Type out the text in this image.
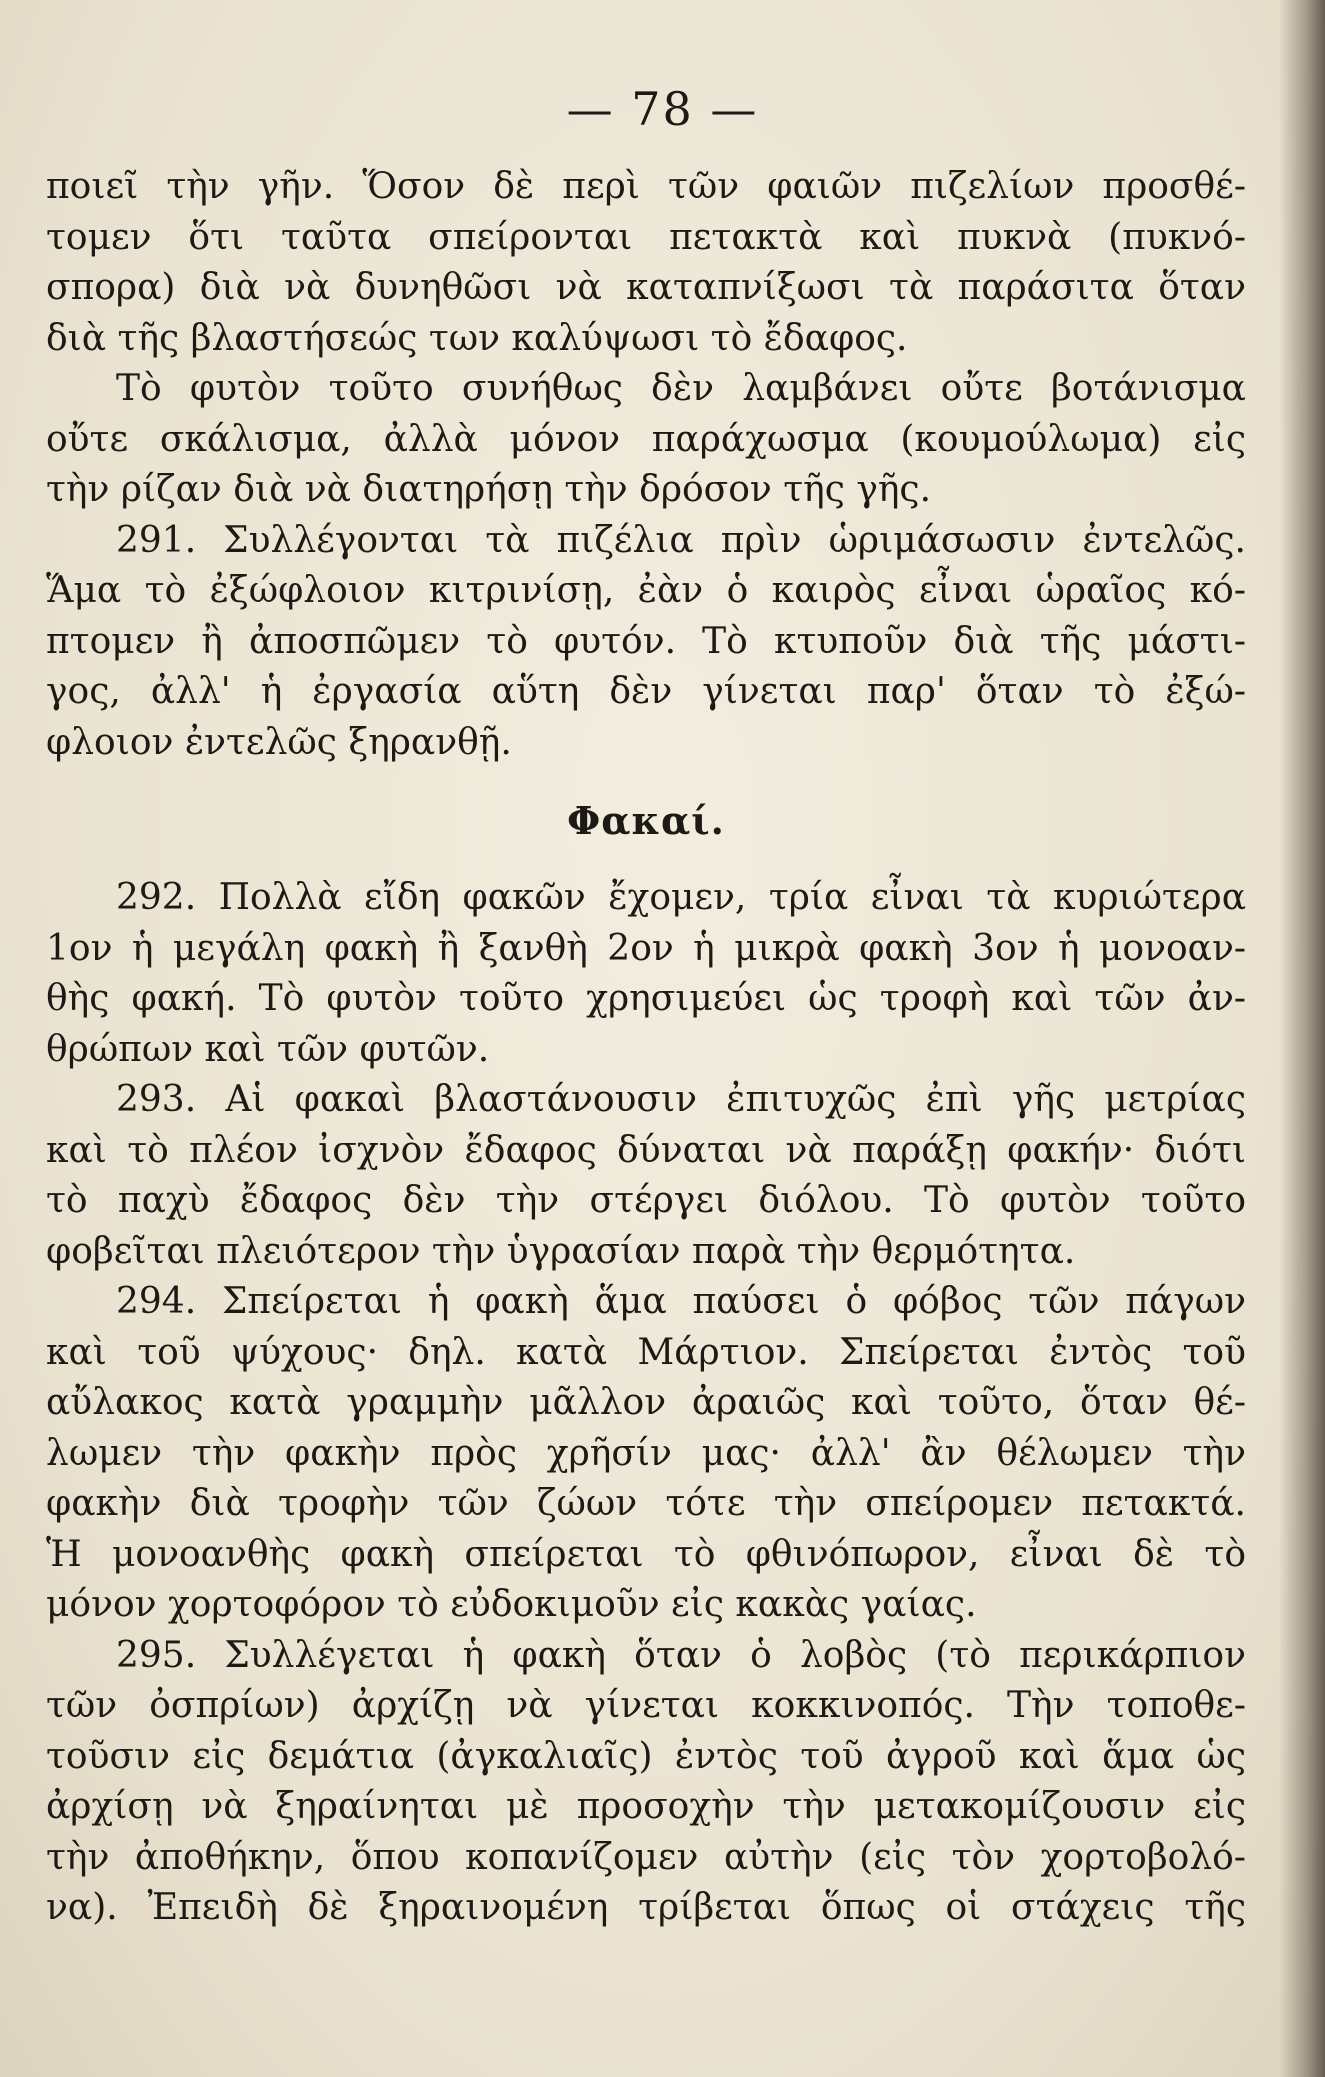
— 78 —
ποιεῖ τὴν γῆν. Ὅσον δὲ περὶ τῶν φαιῶν πιζελίων προσθέ-
τομεν ὅτι ταῦτα σπείρονται πετακτὰ καὶ πυκνὰ (πυκνό-
σπορα) διὰ νὰ δυνηθῶσι νὰ καταπνίξωσι τὰ παράσιτα ὅταν
διὰ τῆς βλαστήσεώς των καλύψωσι τὸ ἔδαφος.
Τὸ φυτὸν τοῦτο συνήθως δὲν λαμβάνει οὔτε βοτάνισμα
οὔτε σκάλισμα, ἀλλὰ μόνον παράχωσμα (κουμούλωμα) εἰς
τὴν ρίζαν διὰ νὰ διατηρήσῃ τὴν δρόσον τῆς γῆς.
291. Συλλέγονται τὰ πιζέλια πρὶν ὡριμάσωσιν ἐντελῶς.
Ἅμα τὸ ἐξώφλοιον κιτρινίσῃ, ἐὰν ὁ καιρὸς εἶναι ὡραῖος κό-
πτομεν ἢ ἀποσπῶμεν τὸ φυτόν. Τὸ κτυποῦν διὰ τῆς μάστι-
γος, ἀλλ' ἡ ἐργασία αὕτη δὲν γίνεται παρ' ὅταν τὸ ἐξώ-
φλοιον ἐντελῶς ξηρανθῇ.
Φακαί.
292. Πολλὰ εἴδη φακῶν ἔχομεν, τρία εἶναι τὰ κυριώτερα
1ον ἡ μεγάλη φακὴ ἢ ξανθὴ 2ον ἡ μικρὰ φακὴ 3ον ἡ μονοαν-
θὴς φακή. Τὸ φυτὸν τοῦτο χρησιμεύει ὡς τροφὴ καὶ τῶν ἀν-
θρώπων καὶ τῶν φυτῶν.
293. Αἱ φακαὶ βλαστάνουσιν ἐπιτυχῶς ἐπὶ γῆς μετρίας
καὶ τὸ πλέον ἰσχνὸν ἔδαφος δύναται νὰ παράξῃ φακήν· διότι
τὸ παχὺ ἔδαφος δὲν τὴν στέργει διόλου. Τὸ φυτὸν τοῦτο
φοβεῖται πλειότερον τὴν ὑγρασίαν παρὰ τὴν θερμότητα.
294. Σπείρεται ἡ φακὴ ἅμα παύσει ὁ φόβος τῶν πάγων
καὶ τοῦ ψύχους· δηλ. κατὰ Μάρτιον. Σπείρεται ἐντὸς τοῦ
αὔλακος κατὰ γραμμὴν μᾶλλον ἀραιῶς καὶ τοῦτο, ὅταν θέ-
λωμεν τὴν φακὴν πρὸς χρῆσίν μας· ἀλλ' ἂν θέλωμεν τὴν
φακὴν διὰ τροφὴν τῶν ζώων τότε τὴν σπείρομεν πετακτά.
Ἡ μονοανθὴς φακὴ σπείρεται τὸ φθινόπωρον, εἶναι δὲ τὸ
μόνον χορτοφόρον τὸ εὐδοκιμοῦν εἰς κακὰς γαίας.
295. Συλλέγεται ἡ φακὴ ὅταν ὁ λοβὸς (τὸ περικάρπιον
τῶν ὀσπρίων) ἀρχίζῃ νὰ γίνεται κοκκινοπός. Τὴν τοποθε-
τοῦσιν εἰς δεμάτια (ἀγκαλιαῖς) ἐντὸς τοῦ ἀγροῦ καὶ ἅμα ὡς
ἀρχίσῃ νὰ ξηραίνηται μὲ προσοχὴν τὴν μετακομίζουσιν εἰς
τὴν ἀποθήκην, ὅπου κοπανίζομεν αὐτὴν (εἰς τὸν χορτοβολό-
να). Ἐπειδὴ δὲ ξηραινομένη τρίβεται ὅπως οἱ στάχεις τῆς
